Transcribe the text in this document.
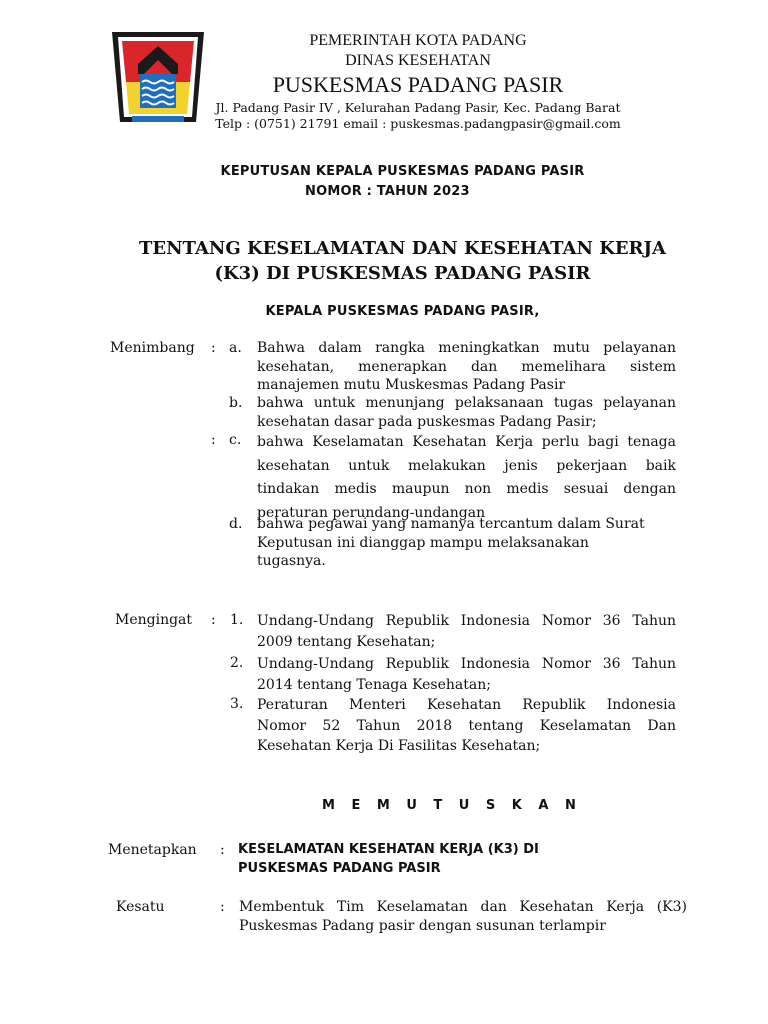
PEMERINTAH KOTA PADANG
DINAS KESEHATAN
PUSKESMAS PADANG PASIR
Jl. Padang Pasir IV , Kelurahan Padang Pasir, Kec. Padang Barat
Telp : (0751) 21791 email : puskesmas.padangpasir@gmail.com
KEPUTUSAN KEPALA PUSKESMAS PADANG PASIR
NOMOR : TAHUN 2023
TENTANG KESELAMATAN DAN KESEHATAN KERJA
(K3) DI PUSKESMAS PADANG PASIR
KEPALA PUSKESMAS PADANG PASIR,
Menimbang :
:
a. Bahwa dalam rangka meningkatkan mutu pelayanan
kesehatan, menerapkan dan memelihara sistem
manajemen mutu Muskesmas Padang Pasir
b. bahwa untuk menunjang pelaksanaan tugas pelayanan
kesehatan dasar pada puskesmas Padang Pasir;
c. bahwa Keselamatan Kesehatan Kerja perlu bagi tenaga
kesehatan untuk melakukan jenis pekerjaan baik
tindakan medis maupun non medis sesuai dengan
peraturan perundang-undangan
d. bahwa pegawai yang namanya tercantum dalam Surat
Keputusan ini dianggap mampu melaksanakan
tugasnya.
Mengingat : 1. Undang-Undang Republik Indonesia Nomor 36 Tahun
2009 tentang Kesehatan;
2. Undang-Undang Republik Indonesia Nomor 36 Tahun
2014 tentang Tenaga Kesehatan;
3. Peraturan Menteri Kesehatan Republik Indonesia
Nomor 52 Tahun 2018 tentang Keselamatan Dan
Kesehatan Kerja Di Fasilitas Kesehatan;
M E M U T U S K A N
Menetapkan : KESELAMATAN KESEHATAN KERJA (K3) DI
PUSKESMAS PADANG PASIR
Kesatu	: Membentuk Tim Keselamatan dan Kesehatan Kerja (K3)
Puskesmas Padang pasir dengan susunan terlampir
